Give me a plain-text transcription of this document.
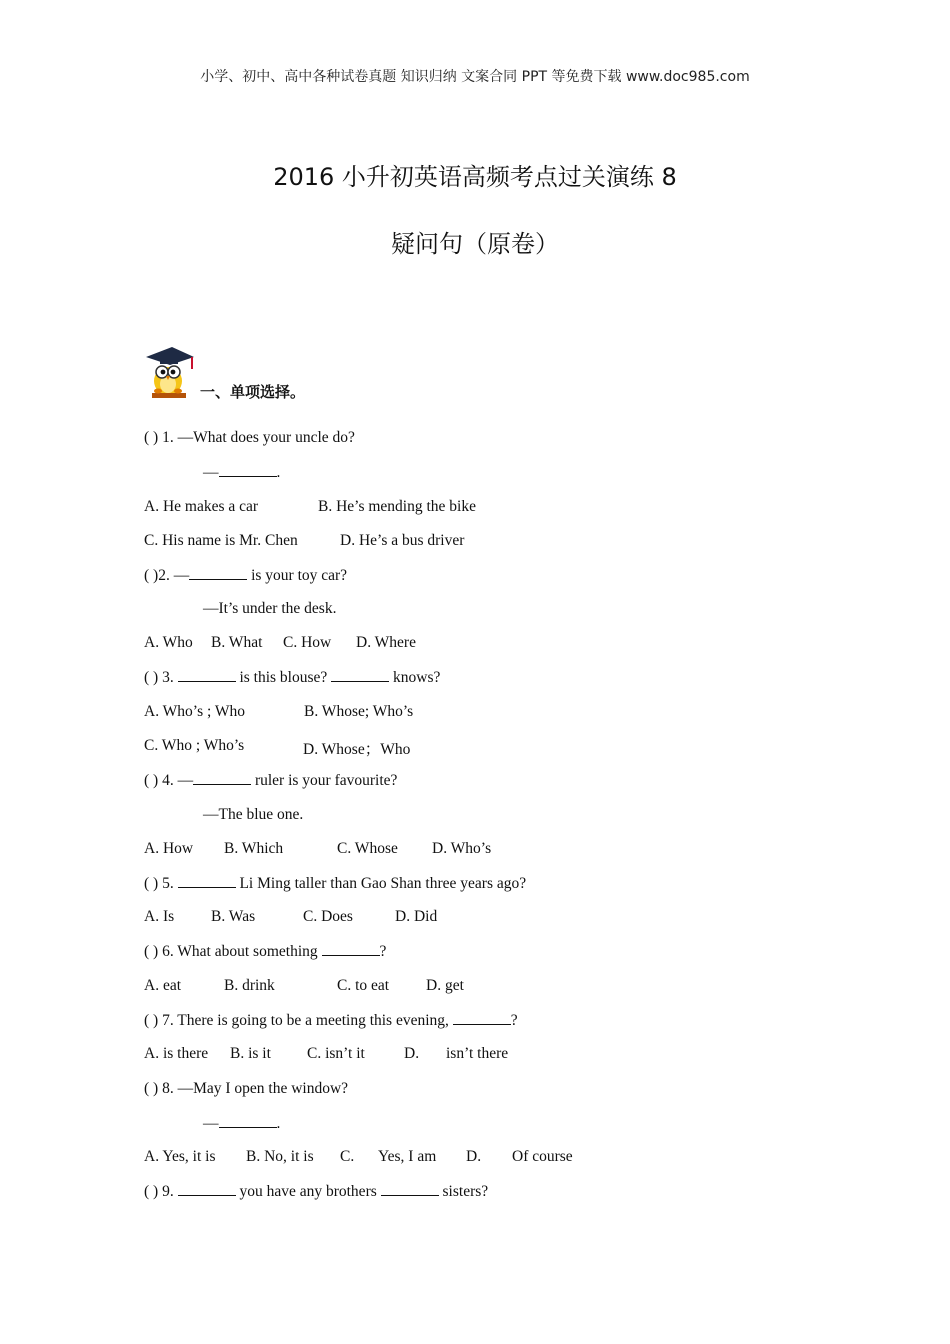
小学、初中、高中各种试卷真题 知识归纳 文案合同 PPT 等免费下载 www.doc985.com
2016 小升初英语高频考点过关演练 8
疑问句（原卷）
一、单项选择。
( ) 1. —What does your uncle do?
—	.
A. He makes a car	B. He’s mending the bike
C. His name is Mr. Chen	D. He’s a bus driver
( )2. —	is your toy car?
—It’s under the desk.
A. Who B. What C. How D. Where
( ) 3.	is this blouse?	knows?
A. Who’s ; Who	B. Whose; Who’s
C. Who ; Who’s	D. Whose；Who
( ) 4. —	ruler is your favourite?
—The blue one.
A. How B. Which	C. Whose D. Who’s
( ) 5.	Li Ming taller than Gao Shan three years ago?
A. Is B. Was	C. Does	D. Did
( ) 6. What about something	?
A. eat	B. drink	C. to eat D. get
( ) 7. There is going to be a meeting this evening,	?
A. is there B. is it C. isn’t it	D. isn’t there
( ) 8. —May I open the window?
—	.
A. Yes, it is B. No, it is C. Yes, I am D. Of course
( ) 9.	you have any brothers	sisters?
